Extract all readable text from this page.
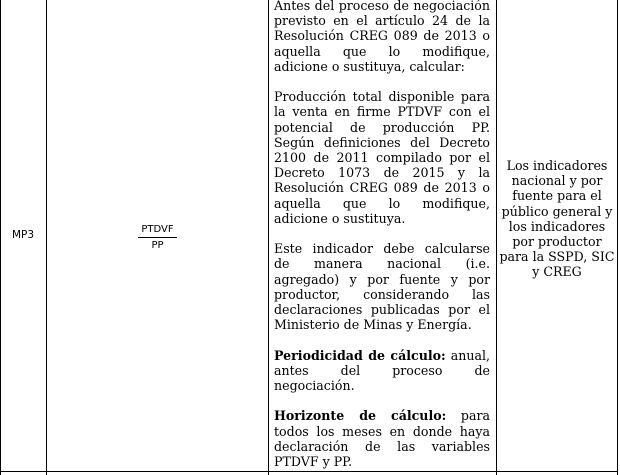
MP3	PTDVF
PP

Antes del proceso de negociación previsto en el artículo 24 de la Resolución CREG 089 de 2013 o aquella que lo modifique, adicione o sustituya, calcular:

Producción total disponible para la venta en firme PTDVF con el potencial de producción PP. Según definiciones del Decreto 2100 de 2011 compilado por el Decreto 1073 de 2015 y la Resolución CREG 089 de 2013 o aquella que lo modifique, adicione o sustituya.

Este indicador debe calcularse de manera nacional (i.e. agregado) y por fuente y por productor, considerando las declaraciones publicadas por el Ministerio de Minas y Energía.

Periodicidad de cálculo: anual, antes del proceso de negociación.

Horizonte de cálculo: para todos los meses en donde haya declaración de las variables PTDVF y PP.

Los indicadores nacional y por fuente para el público general y los indicadores por productor para la SSPD, SIC y CREG
